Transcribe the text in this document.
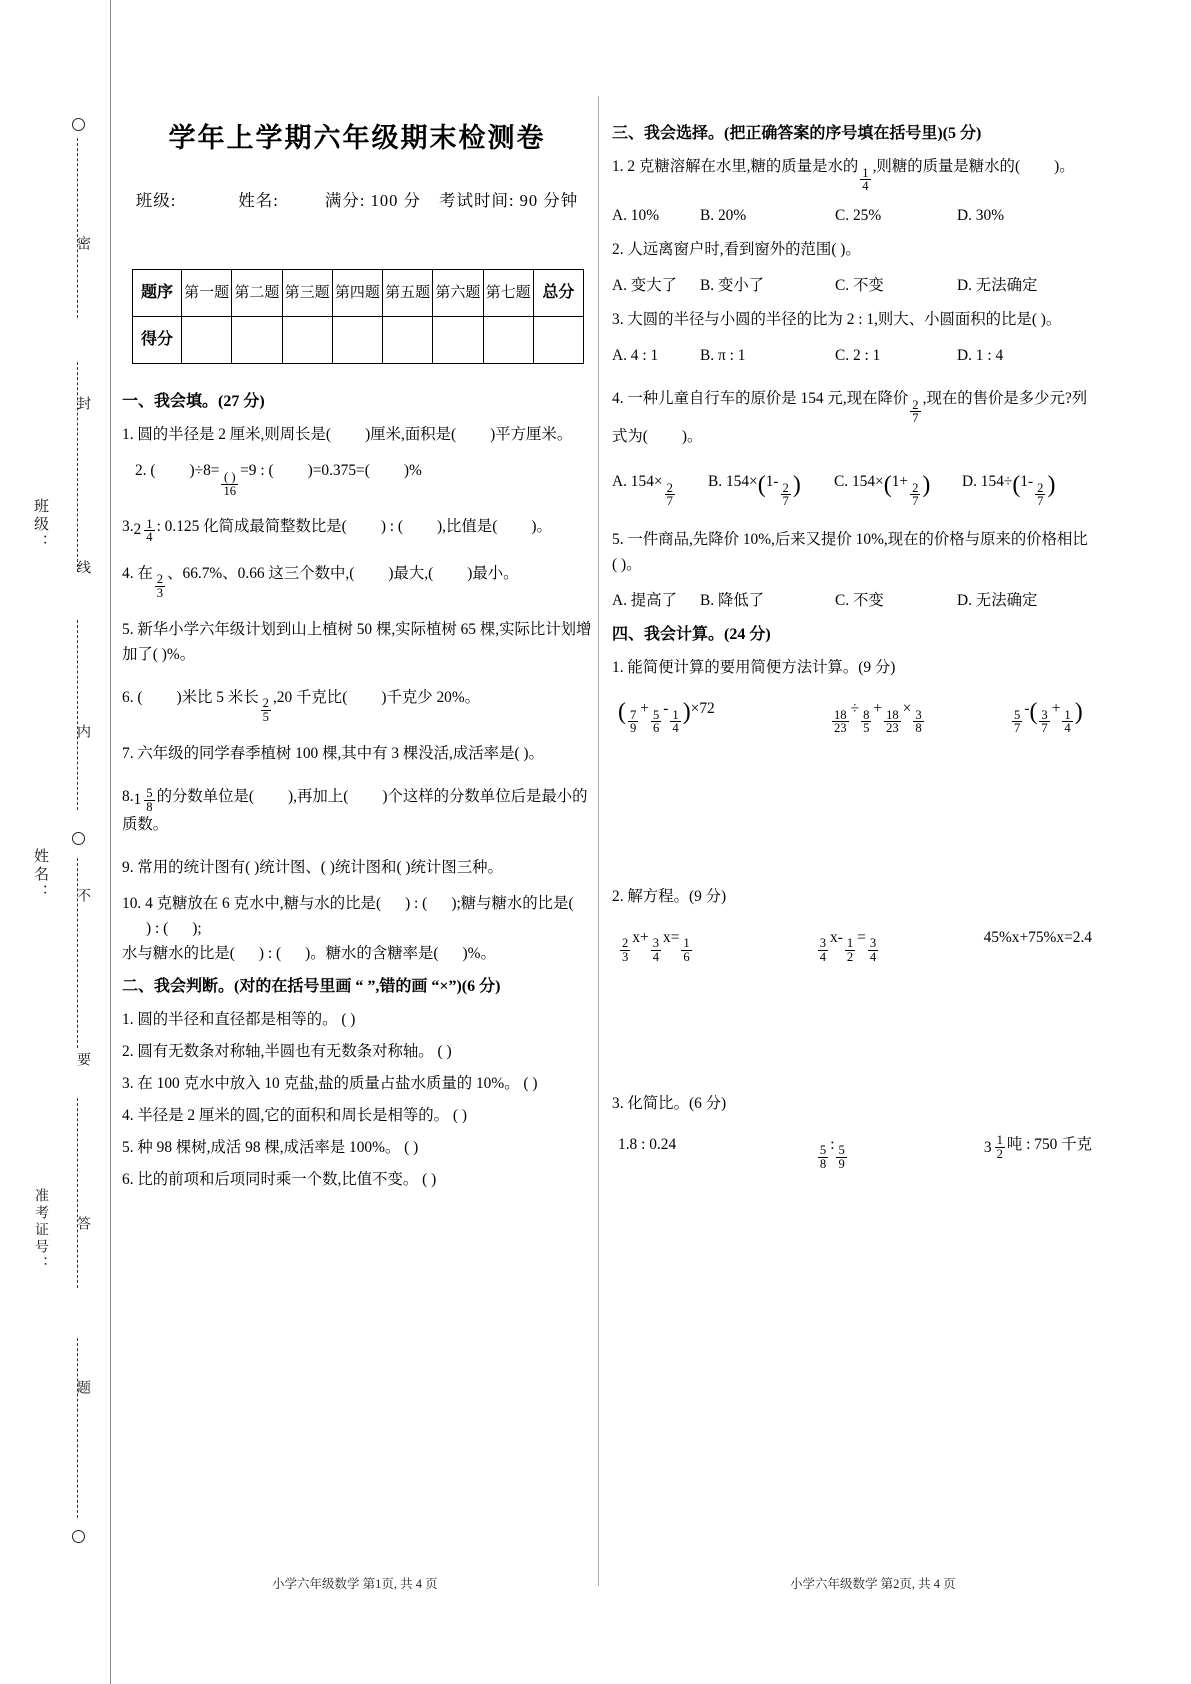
密
封
线
内
不
要
答
题
班级：
姓名：
准考证号：
学年上学期六年级期末检测卷
班级:	姓名:	满分: 100 分 考试时间: 90 分钟
题序	第一题	第二题	第三题	第四题	第五题	第六题	第七题	总分
得分								
一、我会填。(27 分)
1. 圆的半径是 2 厘米,则周长是( )厘米,面积是( )平方厘米。
2. ( )÷8=
$\frac{( )}{16}$
=9 : ( )=0.375=( )%
3. $2 \frac{1}{4}$ : 0.125 化简成最简整数比是( ) : ( ),比值是( )。
4. 在
$\frac{2}{3}$
、66.7%、0.66 这三个数中,( )最大,( )最小。
5. 新华小学六年级计划到山上植树 50 棵,实际植树 65 棵,实际比计划增加了( )%。
6. ( )米比 5 米长
$\frac{2}{5}$
,20 千克比( )千克少 20%。
7. 六年级的同学春季植树 100 棵,其中有 3 棵没活,成活率是( )。
8. $1 \frac{5}{8}$ 的分数单位是( ),再加上( )个这样的分数单位后是最小的质数。
9. 常用的统计图有( )统计图、( )统计图和( )统计图三种。
10. 4 克糖放在 6 克水中,糖与水的比是( ) : ( );糖与糖水的比是() : ( );
水与糖水的比是( ) : ( )。糖水的含糖率是( )%。
二、我会判断。(对的在括号里画 “ ”,错的画 “×”)(6 分)
1. 圆的半径和直径都是相等的。 ( )
2. 圆有无数条对称轴,半圆也有无数条对称轴。 ( )
3. 在 100 克水中放入 10 克盐,盐的质量占盐水质量的 10%。 ( )
4. 半径是 2 厘米的圆,它的面积和周长是相等的。 ( )
5. 种 98 棵树,成活 98 棵,成活率是 100%。 ( )
6. 比的前项和后项同时乘一个数,比值不变。 ( )
三、我会选择。(把正确答案的序号填在括号里)(5 分)
1. 2 克糖溶解在水里,糖的质量是水的
$\frac{1}{4}$
,则糖的质量是糖水的( )。
A. 10%	B. 20%	C. 25%	D. 30%
2. 人远离窗户时,看到窗外的范围( )。
A. 变大了	B. 变小了	C. 不变	D. 无法确定
3. 大圆的半径与小圆的半径的比为 2 : 1,则大、小圆面积的比是( )。
A. 4 : 1	B. π : 1	C. 2 : 1	D. 1 : 4
4. 一种儿童自行车的原价是 154 元,现在降价
$\frac{2}{7}$
,现在的售价是多少元?列式为( )。
A. 154×
$\frac{2}{7}$
B. 154×(1-
$\frac{2}{7}$ )	C. 154×(1+
$\frac{2}{7}$ )	D. 154÷(1-
$\frac{2}{7}$ )
5. 一件商品,先降价 10%,后来又提价 10%,现在的价格与原来的价格相比( )。
A. 提高了	B. 降低了	C. 不变	D. 无法确定
四、我会计算。(24 分)
1. 能简便计算的要用简便方法计算。(9 分)
( $\frac{7}{9}$
+
$\frac{5}{6}$
-
$\frac{1}{4} )\times 72$
$\frac{18}{23}$
÷
$\frac{8}{5}$
+
$\frac{18}{23}$
×
$\frac{3}{8}$	$\frac{5}{7}$
-( $\frac{3}{7}$
+
$\frac{1}{4}$ )
2. 解方程。(9 分)
$\frac{2}{3}$
x+
$\frac{3}{4}$
x=
$\frac{1}{6}$	$\frac{3}{4}$
x-
$\frac{1}{2}$
=
$\frac{3}{4}$
45%x+75%x=2.4
3. 化简比。(6 分)
1.8 : 0.24
$\frac{5}{8}$
:
$\frac{5}{9}$	$3 \frac{1}{2}$ 吨 : 750 千克
小学六年级数学 第1页, 共 4 页	小学六年级数学 第2页, 共 4 页
